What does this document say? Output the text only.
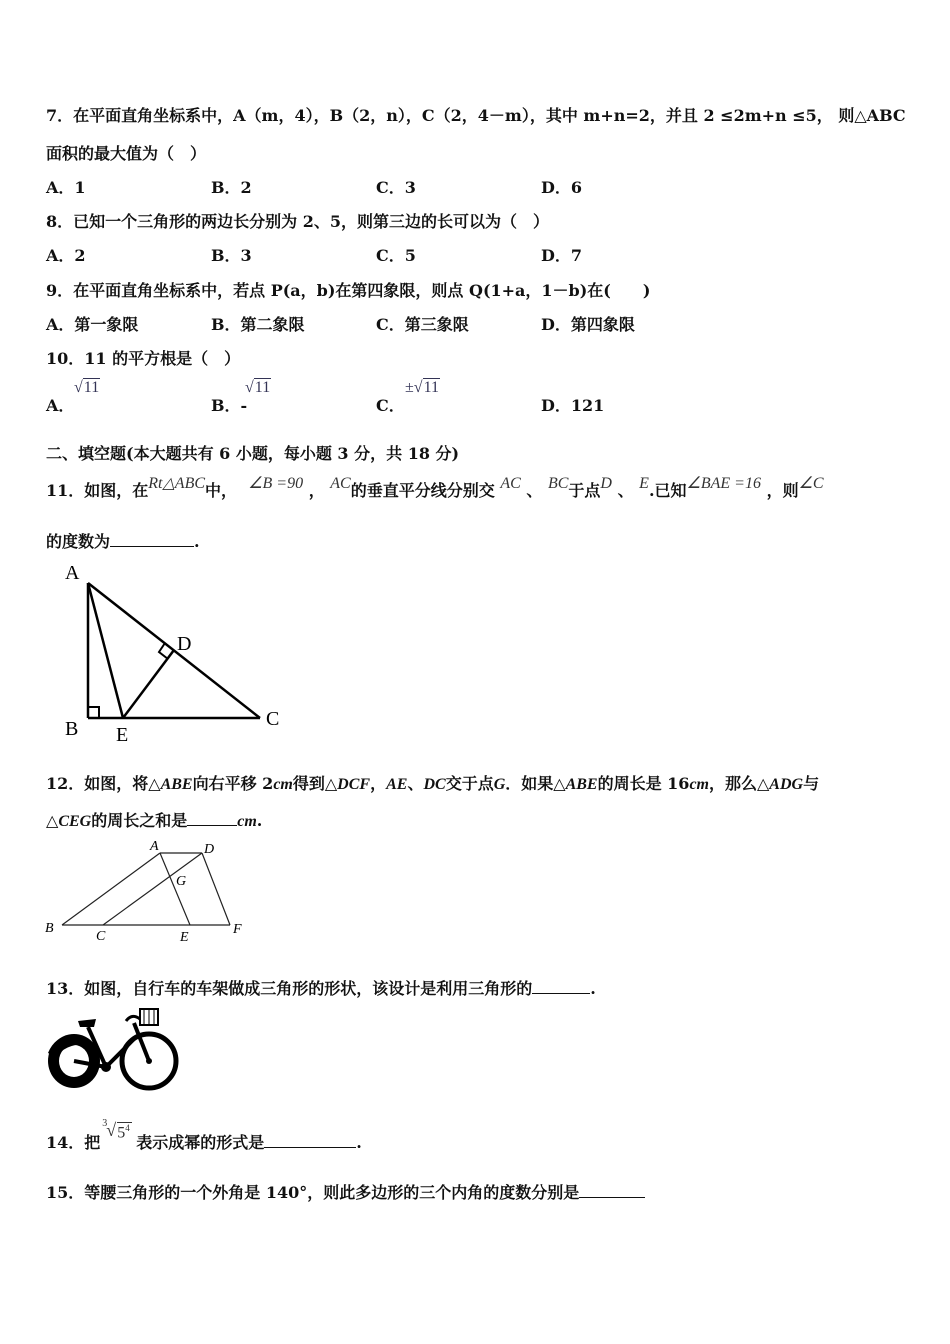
7．在平面直角坐标系中，A（m，4），B（2，n），C（2，4－m），其中 m+n=2，并且 2 ≤2m+n ≤5， 则△ABC
面积的最大值为（　）
A．1	B．2	C．3	D．6
8．已知一个三角形的两边长分别为 2、5，则第三边的长可以为（　）
A．2	B．3	C．5	D．7
9．在平面直角坐标系中，若点 P(a，b)在第四象限，则点 Q(1+a，1－b)在(　　)
A．第一象限	B．第二象限	C．第三象限	D．第四象限
10．11 的平方根是（　）
A．
√11
B．-
√11
C．
±√11
D．121
二、填空题(本大题共有 6 小题，每小题 3 分，共 18 分)
11．如图，在Rt△ABC中， ∠B =90 ， AC的垂直平分线分别交 AC 、 BC于点D 、 E.已知∠BAE =16 ，则∠C
的度数为	.
A
B E
D
C
12．如图，将△ABE向右平移 2cm得到△DCF，AE、DC交于点G．如果△ABE的周长是 16cm，那么△ADG与
△CEG的周长之和是	cm.
A	D
G
B
C	E
F
13．如图，自行车的车架做成三角形的形状，该设计是利用三角形的	.
14．把
3 √ $5^4$
表示成幂的形式是	.
15．等腰三角形的一个外角是 140°，则此多边形的三个内角的度数分别是
